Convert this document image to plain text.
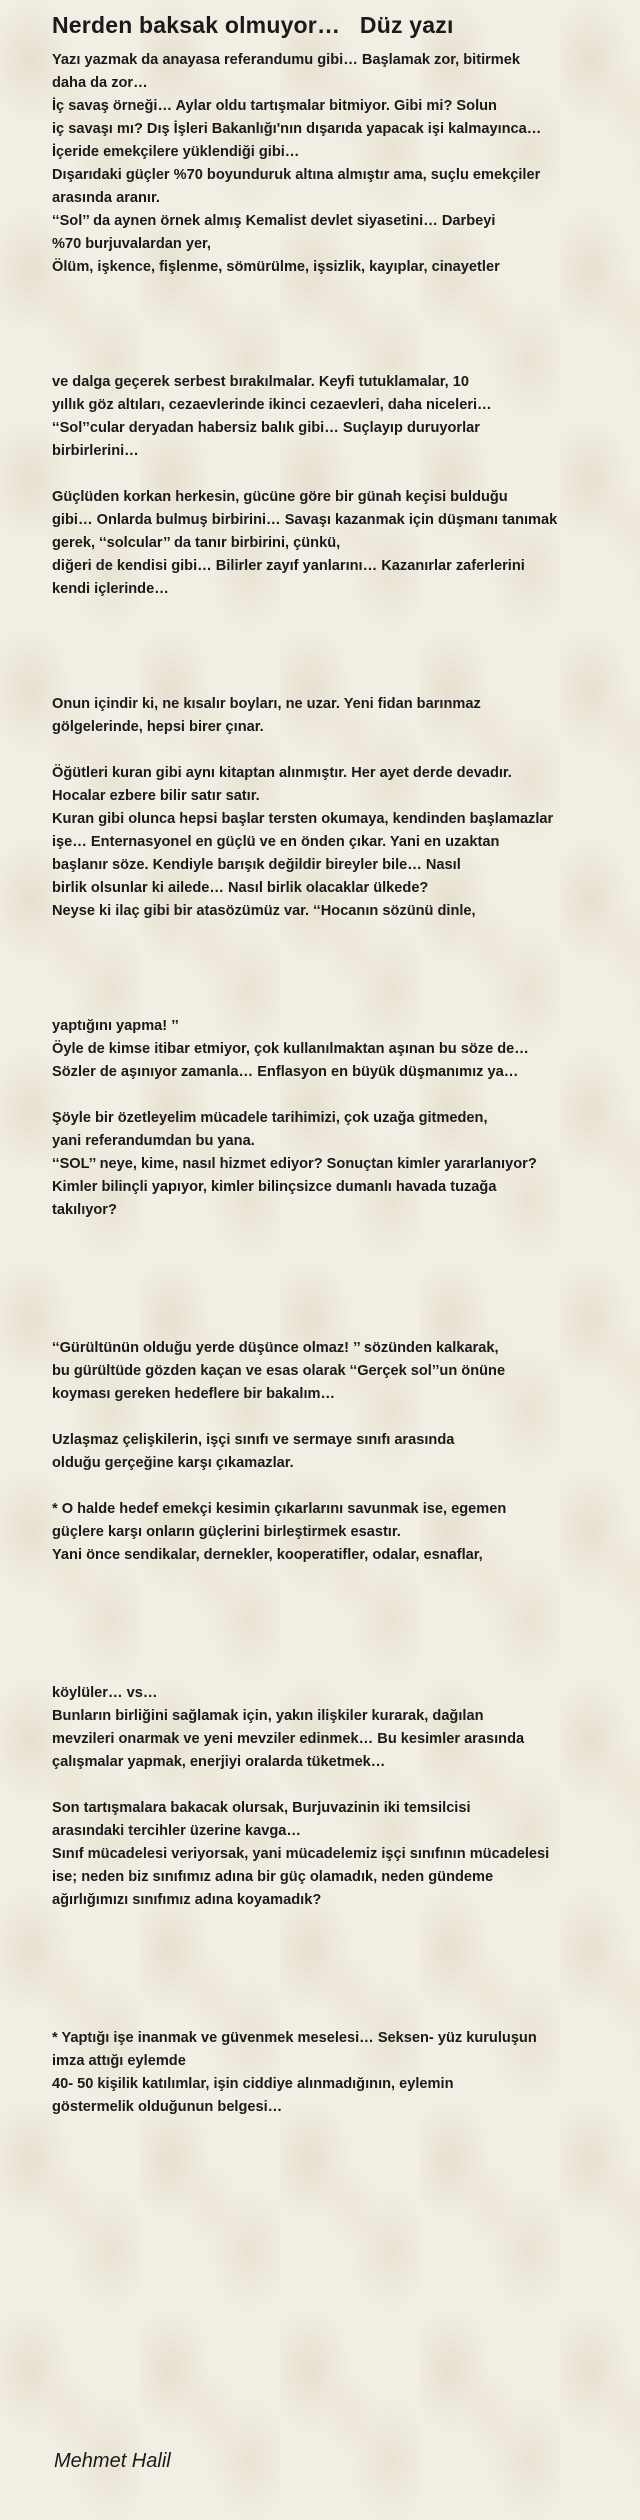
Nerden baksak olmuyor…   Düz yazı
Yazı yazmak da anayasa referandumu gibi… Başlamak zor, bitirmek
daha da zor…
İç savaş örneği… Aylar oldu tartışmalar bitmiyor. Gibi mi? Solun
iç savaşı mı? Dış İşleri Bakanlığı'nın dışarıda yapacak işi kalmayınca…
İçeride emekçilere yüklendiği gibi…
Dışarıdaki güçler %70 boyunduruk altına almıştır ama, suçlu emekçiler
arasında aranır.
‘‘Sol’’ da aynen örnek almış Kemalist devlet siyasetini… Darbeyi
%70 burjuvalardan yer,
Ölüm, işkence, fişlenme, sömürülme, işsizlik, kayıplar, cinayetler
ve dalga geçerek serbest bırakılmalar. Keyfi tutuklamalar, 10
yıllık göz altıları, cezaevlerinde ikinci cezaevleri, daha niceleri…
‘‘Sol’’cular deryadan habersiz balık gibi… Suçlayıp duruyorlar
birbirlerini…
Güçlüden korkan herkesin, gücüne göre bir günah keçisi bulduğu
gibi… Onlarda bulmuş birbirini… Savaşı kazanmak için düşmanı tanımak
gerek, ‘‘solcular’’ da tanır birbirini, çünkü,
diğeri de kendisi gibi… Bilirler zayıf yanlarını… Kazanırlar zaferlerini
kendi içlerinde…
Onun içindir ki, ne kısalır boyları, ne uzar. Yeni fidan barınmaz
gölgelerinde, hepsi birer çınar.
Öğütleri kuran gibi aynı kitaptan alınmıştır. Her ayet derde devadır.
Hocalar ezbere bilir satır satır.
Kuran gibi olunca hepsi başlar tersten okumaya, kendinden başlamazlar
işe… Enternasyonel en güçlü ve en önden çıkar. Yani en uzaktan
başlanır söze. Kendiyle barışık değildir bireyler bile… Nasıl
birlik olsunlar ki ailede… Nasıl birlik olacaklar ülkede?
Neyse ki ilaç gibi bir atasözümüz var. ‘‘Hocanın sözünü dinle,
yaptığını yapma! ’’
Öyle de kimse itibar etmiyor, çok kullanılmaktan aşınan bu söze de…
Sözler de aşınıyor zamanla… Enflasyon en büyük düşmanımız ya…
Şöyle bir özetleyelim mücadele tarihimizi, çok uzağa gitmeden,
yani referandumdan bu yana.
‘‘SOL’’ neye, kime, nasıl hizmet ediyor? Sonuçtan kimler yararlanıyor?
Kimler bilinçli yapıyor, kimler bilinçsizce dumanlı havada tuzağa
takılıyor?
‘‘Gürültünün olduğu yerde düşünce olmaz! ’’ sözünden kalkarak,
bu gürültüde gözden kaçan ve esas olarak ‘‘Gerçek sol’’un önüne
koyması gereken hedeflere bir bakalım…
Uzlaşmaz çelişkilerin, işçi sınıfı ve sermaye sınıfı arasında
olduğu gerçeğine karşı çıkamazlar.
* O halde hedef emekçi kesimin çıkarlarını savunmak ise, egemen
güçlere karşı onların güçlerini birleştirmek esastır.
Yani önce sendikalar, dernekler, kooperatifler, odalar, esnaflar,
köylüler… vs…
Bunların birliğini sağlamak için, yakın ilişkiler kurarak, dağılan
mevzileri onarmak ve yeni mevziler edinmek… Bu kesimler arasında
çalışmalar yapmak, enerjiyi oralarda tüketmek…
Son tartışmalara bakacak olursak, Burjuvazinin iki temsilcisi
arasındaki tercihler üzerine kavga…
Sınıf mücadelesi veriyorsak, yani mücadelemiz işçi sınıfının mücadelesi
ise; neden biz sınıfımız adına bir güç olamadık, neden gündeme
ağırlığımızı sınıfımız adına koyamadık?
* Yaptığı işe inanmak ve güvenmek meselesi… Seksen- yüz kuruluşun
imza attığı eylemde
40- 50 kişilik katılımlar, işin ciddiye alınmadığının, eylemin
göstermelik olduğunun belgesi…
Mehmet Halil
